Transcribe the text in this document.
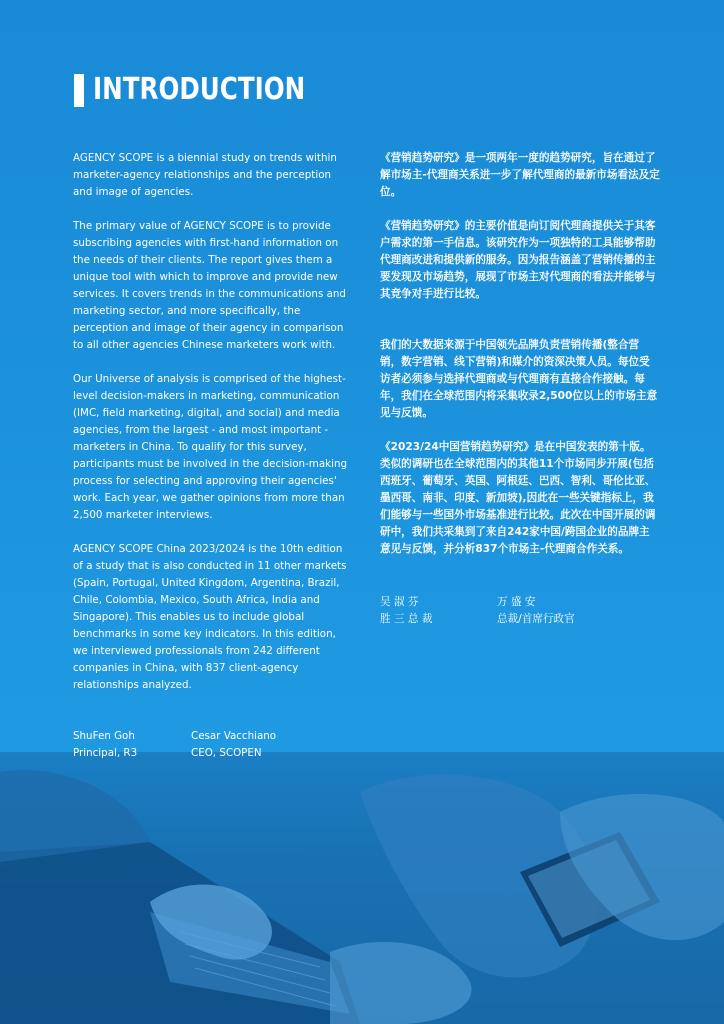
INTRODUCTION

AGENCY SCOPE is a biennial study on trends within marketer-agency relationships and the perception and image of agencies.

The primary value of AGENCY SCOPE is to provide subscribing agencies with first-hand information on the needs of their clients. The report gives them a unique tool with which to improve and provide new services. It covers trends in the communications and marketing sector, and more specifically, the perception and image of their agency in comparison to all other agencies Chinese marketers work with.

Our Universe of analysis is comprised of the highest-level decision-makers in marketing, communication (IMC, field marketing, digital, and social) and media agencies, from the largest - and most important - marketers in China. To qualify for this survey, participants must be involved in the decision-making process for selecting and approving their agencies' work. Each year, we gather opinions from more than 2,500 marketer interviews.

AGENCY SCOPE China 2023/2024 is the 10th edition of a study that is also conducted in 11 other markets (Spain, Portugal, United Kingdom, Argentina, Brazil, Chile, Colombia, Mexico, South Africa, India and Singapore). This enables us to include global benchmarks in some key indicators. In this edition, we interviewed professionals from 242 different companies in China, with 837 client-agency relationships analyzed.

ShuFen Goh
Principal, R3
Cesar Vacchiano
CEO, SCOPEN

《营销趋势研究》是一项两年一度的趋势研究，旨在通过了解市场主-代理商关系进一步了解代理商的最新市场看法及定位。

《营销趋势研究》的主要价值是向订阅代理商提供关于其客户需求的第一手信息。该研究作为一项独特的工具能够帮助代理商改进和提供新的服务。因为报告涵盖了营销传播的主要发现及市场趋势，展现了市场主对代理商的看法并能够与其竞争对手进行比较。

我们的大数据来源于中国领先品牌负责营销传播(整合营销，数字营销、线下营销)和媒介的资深决策人员。每位受访者必须参与选择代理商或与代理商有直接合作接触。每年，我们在全球范围内将采集收录2,500位以上的市场主意见与反馈。

《2023/24中国营销趋势研究》是在中国发表的第十版。类似的调研也在全球范围内的其他11个市场同步开展(包括西班牙、葡萄牙、英国、阿根廷、巴西、智利、哥伦比亚、 墨西哥、南非、印度、新加坡),因此在一些关键指标上，我们能够与一些国外市场基准进行比较。此次在中国开展的调研中，我们共采集到了来自242家中国/跨国企业的品牌主意见与反馈，并分析837个市场主-代理商合作关系。

吴 淑 芬
胜 三 总 裁
万 盛 安
总裁/首席行政官
